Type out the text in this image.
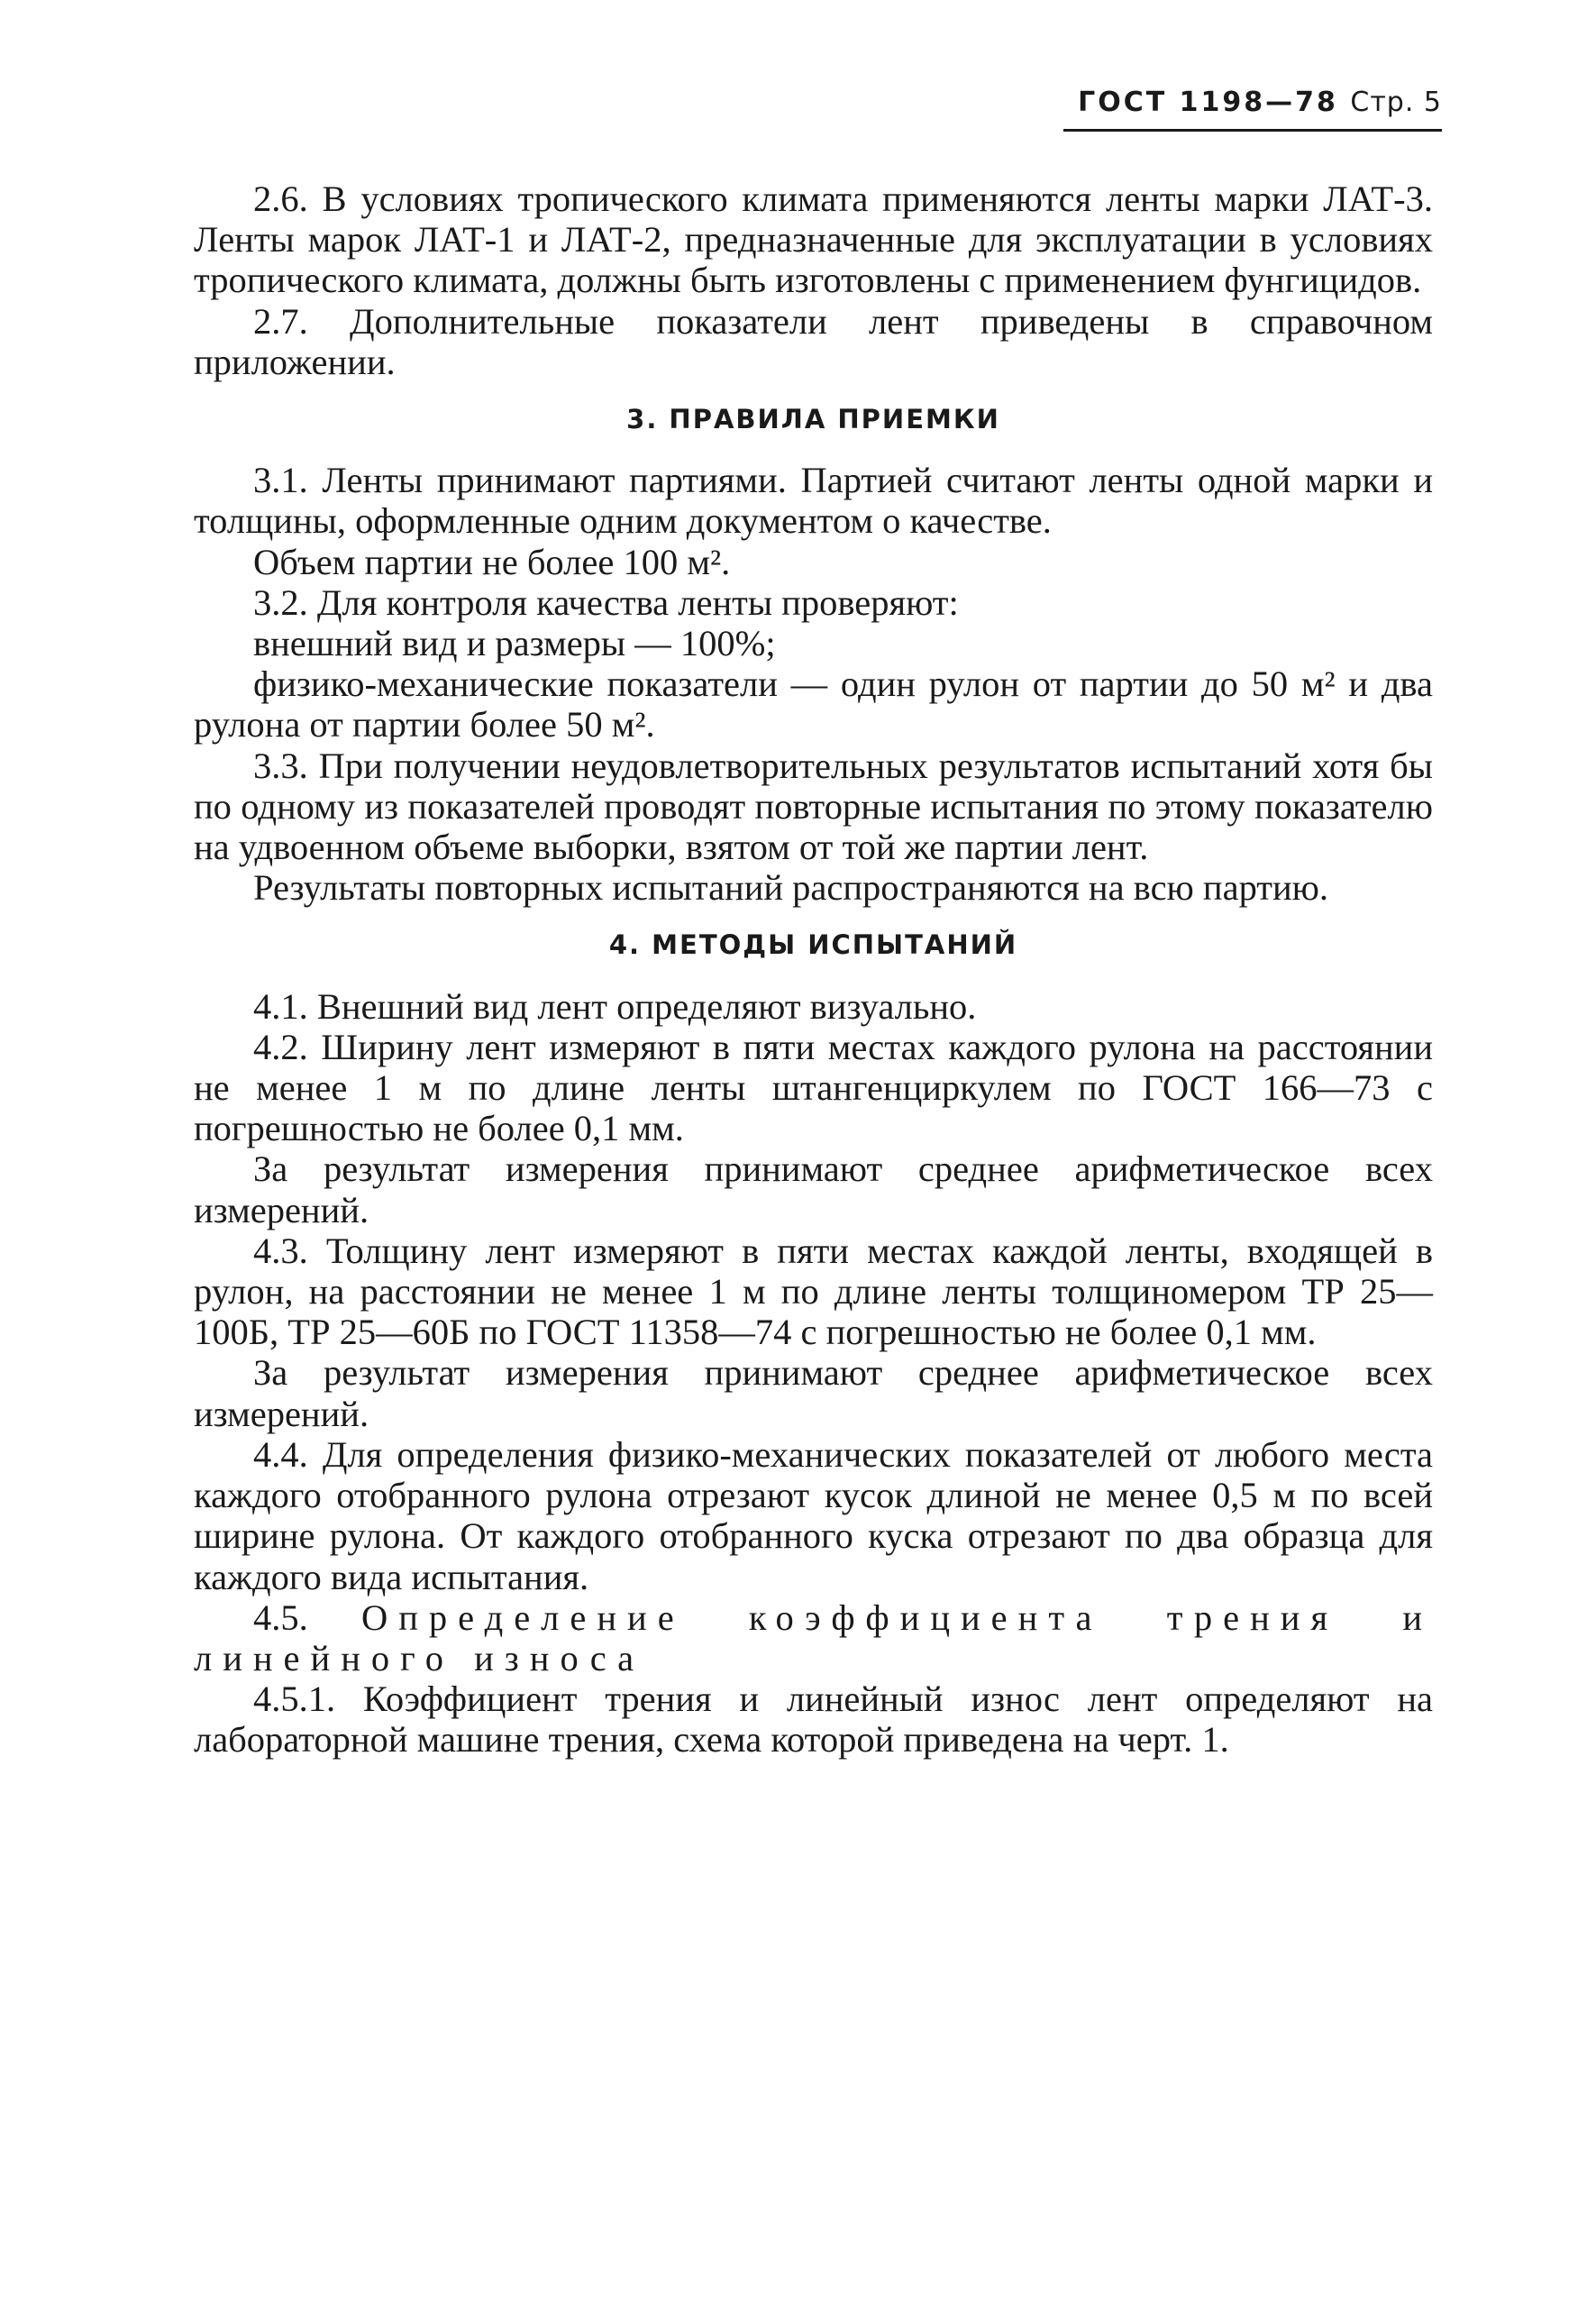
ГОСТ 1198—78 Стр. 5

2.6. В условиях тропического климата применяются ленты марки ЛАТ-3. Ленты марок ЛАТ-1 и ЛАТ-2, предназначенные для эксплуатации в условиях тропического климата, должны быть изготовлены с применением фунгицидов.

2.7. Дополнительные показатели лент приведены в справочном приложении.

3. ПРАВИЛА ПРИЕМКИ

3.1. Ленты принимают партиями. Партией считают ленты одной марки и толщины, оформленные одним документом о качестве.

Объем партии не более 100 м².

3.2. Для контроля качества ленты проверяют:

внешний вид и размеры — 100%;

физико-механические показатели — один рулон от партии до 50 м² и два рулона от партии более 50 м².

3.3. При получении неудовлетворительных результатов испытаний хотя бы по одному из показателей проводят повторные испытания по этому показателю на удвоенном объеме выборки, взятом от той же партии лент.

Результаты повторных испытаний распространяются на всю партию.

4. МЕТОДЫ ИСПЫТАНИЙ

4.1. Внешний вид лент определяют визуально.

4.2. Ширину лент измеряют в пяти местах каждого рулона на расстоянии не менее 1 м по длине ленты штангенциркулем по ГОСТ 166—73 с погрешностью не более 0,1 мм.

За результат измерения принимают среднее арифметическое всех измерений.

4.3. Толщину лент измеряют в пяти местах каждой ленты, входящей в рулон, на расстоянии не менее 1 м по длине ленты толщиномером ТР 25—100Б, ТР 25—60Б по ГОСТ 11358—74 с погрешностью не более 0,1 мм.

За результат измерения принимают среднее арифметическое всех измерений.

4.4. Для определения физико-механических показателей от любого места каждого отобранного рулона отрезают кусок длиной не менее 0,5 м по всей ширине рулона. От каждого отобранного куска отрезают по два образца для каждого вида испытания.

4.5. Определение коэффициента трения и линейного износа

4.5.1. Коэффициент трения и линейный износ лент определяют на лабораторной машине трения, схема которой приведена на черт. 1.
